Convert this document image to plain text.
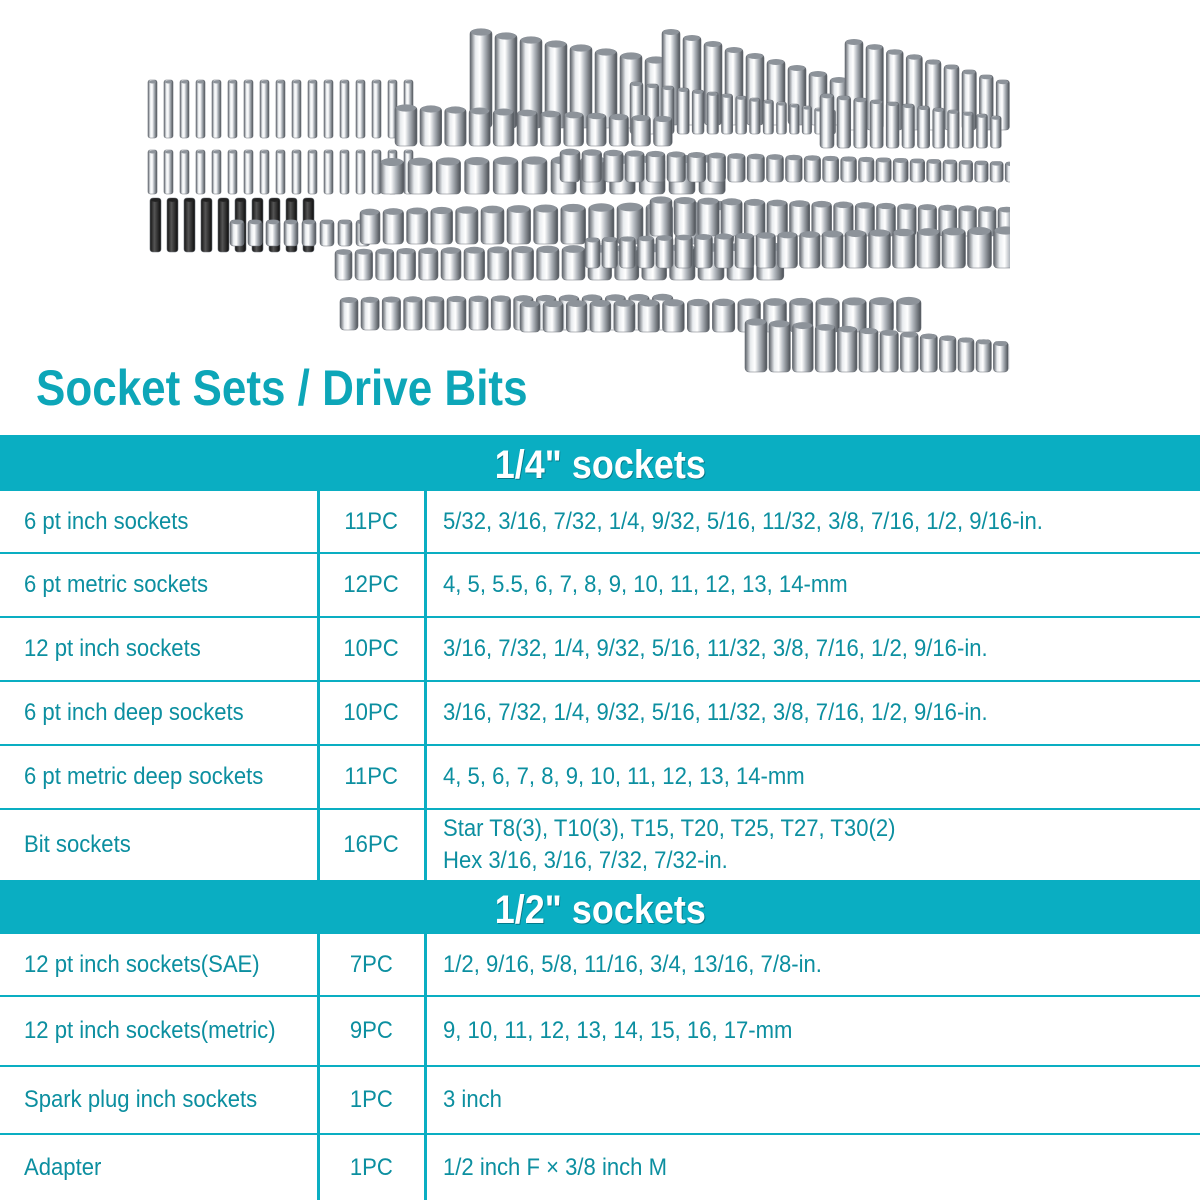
Socket Sets / Drive Bits
1/4" sockets
6 pt inch sockets	11PC	5/32, 3/16, 7/32, 1/4, 9/32, 5/16, 11/32, 3/8, 7/16, 1/2, 9/16-in.
6 pt metric sockets	12PC	4, 5, 5.5, 6, 7, 8, 9, 10, 11, 12, 13, 14-mm
12 pt inch sockets	10PC	3/16, 7/32, 1/4, 9/32, 5/16, 11/32, 3/8, 7/16, 1/2, 9/16-in.
6 pt inch deep sockets	10PC	3/16, 7/32, 1/4, 9/32, 5/16, 11/32, 3/8, 7/16, 1/2, 9/16-in.
6 pt metric deep sockets	11PC	4, 5, 6, 7, 8, 9, 10, 11, 12, 13, 14-mm
Bit sockets	16PC	Star T8(3), T10(3), T15, T20, T25, T27, T30(2)
Hex 3/16, 3/16, 7/32, 7/32-in.
1/2" sockets
12 pt inch sockets(SAE)	7PC	1/2, 9/16, 5/8, 11/16, 3/4, 13/16, 7/8-in.
12 pt inch sockets(metric)	9PC	9, 10, 11, 12, 13, 14, 15, 16, 17-mm
Spark plug inch sockets	1PC	3 inch
Adapter	1PC	1/2 inch F × 3/8 inch M
